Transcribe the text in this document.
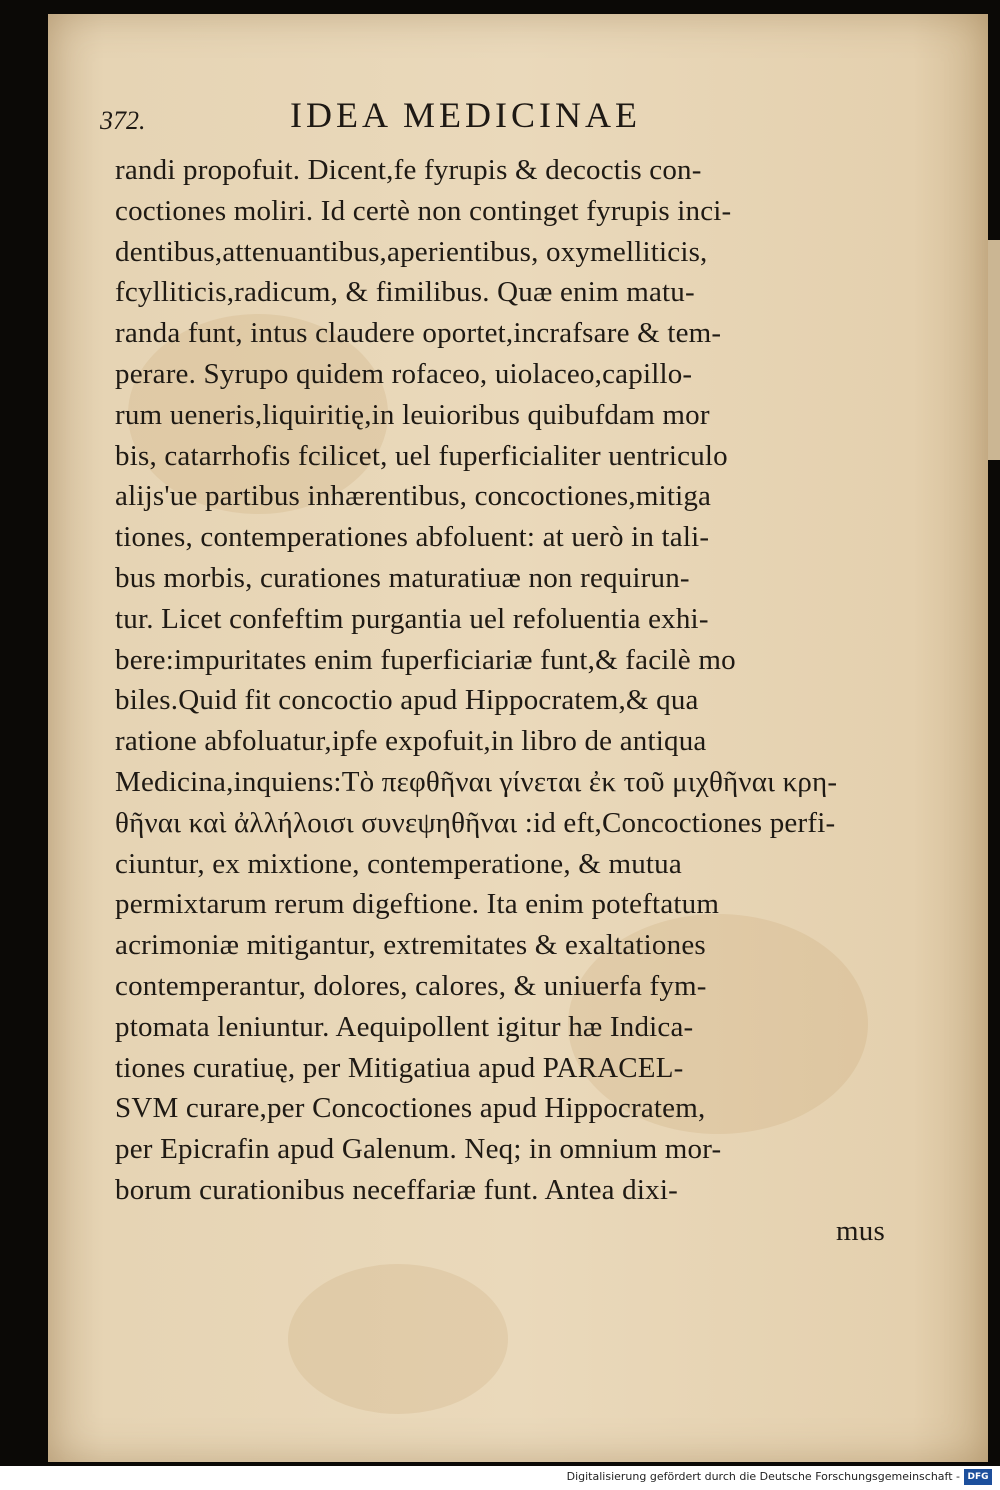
372.	IDEA MEDICINAE
randi propofuit. Dicent,fe fyrupis & decoctis con-
coctiones moliri. Id certè non continget fyrupis inci-
dentibus,attenuantibus,aperientibus, oxymelliticis,
fcylliticis,radicum, & fimilibus. Quæ enim matu-
randa funt, intus claudere oportet,incrafsare & tem-
perare. Syrupo quidem rofaceo, uiolaceo,capillo-
rum ueneris,liquiritię,in leuioribus quibufdam mor
bis, catarrhofis fcilicet, uel fuperficialiter uentriculo
alijs'ue partibus inhærentibus, concoctiones,mitiga
tiones, contemperationes abfoluent: at uerò in tali-
bus morbis, curationes maturatiuæ non requirun-
tur. Licet confeftim purgantia uel refoluentia exhi-
bere:impuritates enim fuperficiariæ funt,& facilè mo
biles.Quid fit concoctio apud Hippocratem,& qua
ratione abfoluatur,ipfe expofuit,in libro de antiqua
Medicina,inquiens:Τὸ πεφθῆναι γίνεται ἐκ τοῦ μιχθῆναι κρη-
θῆναι καὶ ἀλλήλοισι συνεψηθῆναι :id eft,Concoctiones perfi-
ciuntur, ex mixtione, contemperatione, & mutua
permixtarum rerum digeftione. Ita enim poteftatum
acrimoniæ mitigantur, extremitates & exaltationes
contemperantur, dolores, calores, & uniuerfa fym-
ptomata leniuntur. Aequipollent igitur hæ Indica-
tiones curatiuę, per Mitigatiua apud PARACEL-
SVM curare,per Concoctiones apud Hippocratem,
per Epicrafin apud Galenum. Neq; in omnium mor-
borum curationibus neceffariæ funt. Antea dixi-
mus
Digitalisierung gefördert durch die Deutsche Forschungsgemeinschaft - DFG
